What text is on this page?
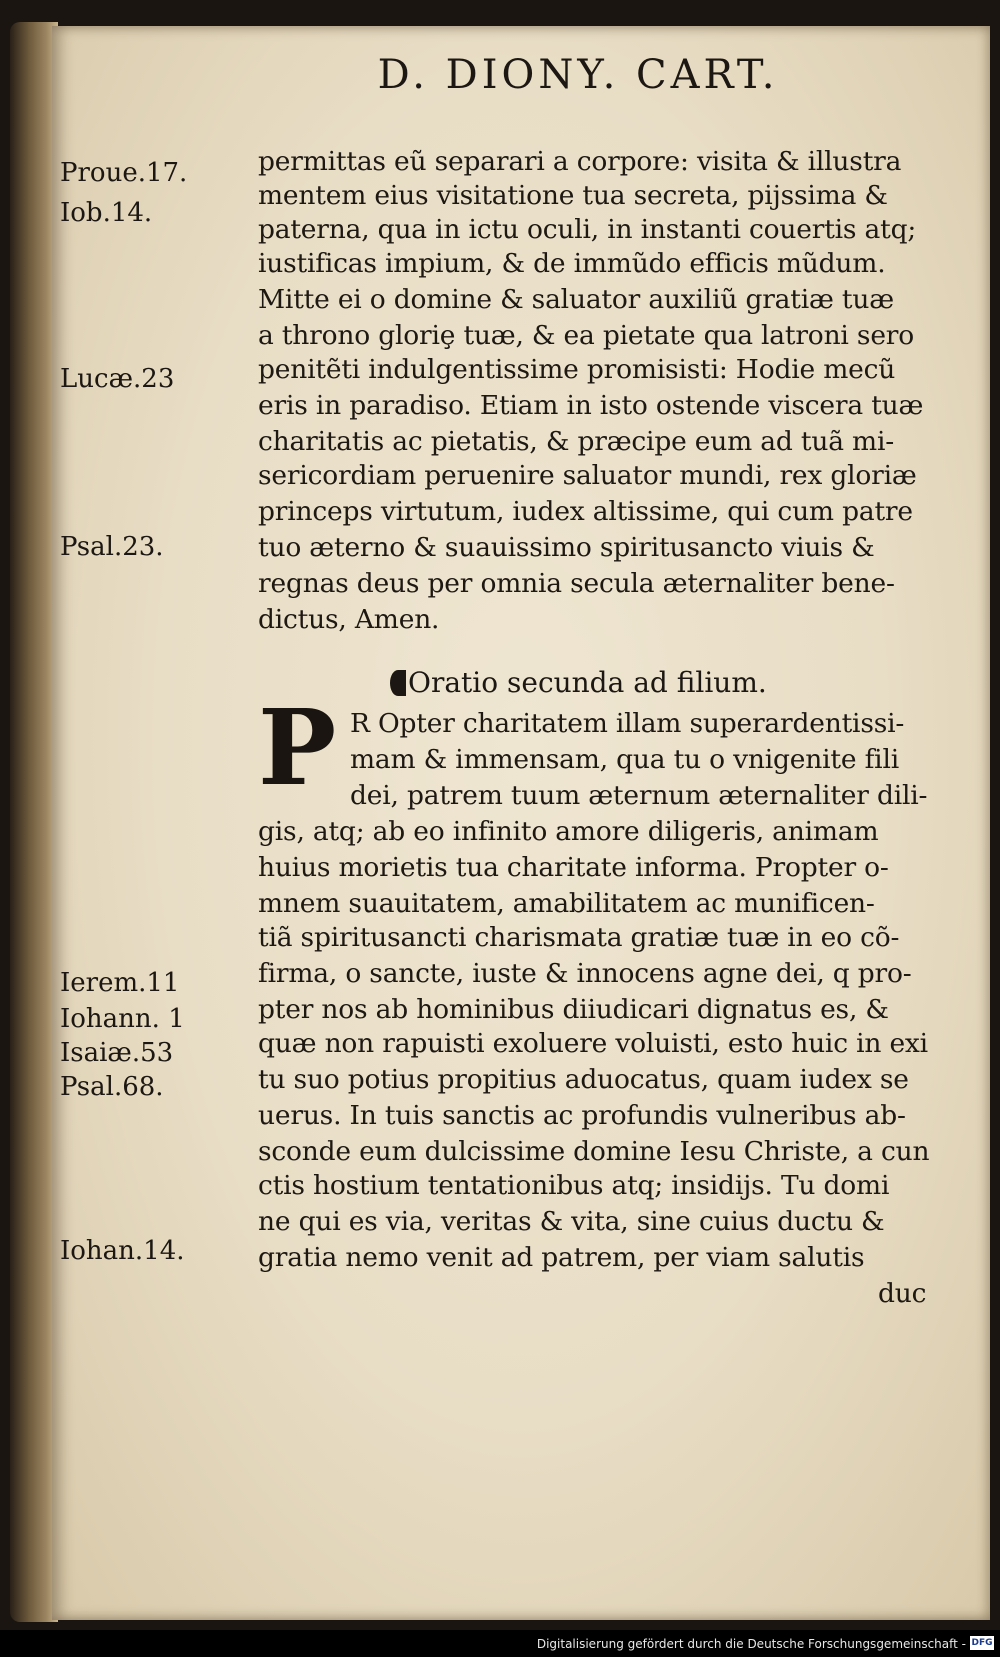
D. DIONY. CART.
Proue.17.
Iob.14.
Lucæ.23
Psal.23.
Ierem.11
Iohann. 1
Isaiæ.53
Psal.68.
Iohan.14.
permittas eũ separari a corpore: visita & illustra
mentem eius visitatione tua secreta, pijssima &
paterna, qua in ictu oculi, in instanti couertis atq;
iustificas impium, & de immũdo efficis mũdum.
Mitte ei o domine & saluator auxiliũ gratiæ tuæ
a throno gloriȩ tuæ, & ea pietate qua latroni sero
penitẽti indulgentissime promisisti: Hodie mecũ
eris in paradiso. Etiam in isto ostende viscera tuæ
charitatis ac pietatis, & præcipe eum ad tuã mi-
sericordiam peruenire saluator mundi, rex gloriæ
princeps virtutum, iudex altissime, qui cum patre
tuo æterno & suauissimo spiritusancto viuis &
regnas deus per omnia secula æternaliter bene-
dictus, Amen.
Oratio secunda ad filium.
P R Opter charitatem illam superardentissi-
mam & immensam, qua tu o vnigenite fili
dei, patrem tuum æternum æternaliter dili-
gis, atq; ab eo infinito amore diligeris, animam
huius morietis tua charitate informa. Propter o-
mnem suauitatem, amabilitatem ac munificen-
tiã spiritusancti charismata gratiæ tuæ in eo cõ-
firma, o sancte, iuste & innocens agne dei, q pro-
pter nos ab hominibus diiudicari dignatus es, &
quæ non rapuisti exoluere voluisti, esto huic in exi
tu suo potius propitius aduocatus, quam iudex se
uerus. In tuis sanctis ac profundis vulneribus ab-
sconde eum dulcissime domine Iesu Christe, a cun
ctis hostium tentationibus atq; insidijs. Tu domi
ne qui es via, veritas & vita, sine cuius ductu &
gratia nemo venit ad patrem, per viam salutis
duc
Digitalisierung gefördert durch die Deutsche Forschungsgemeinschaft - DFG
